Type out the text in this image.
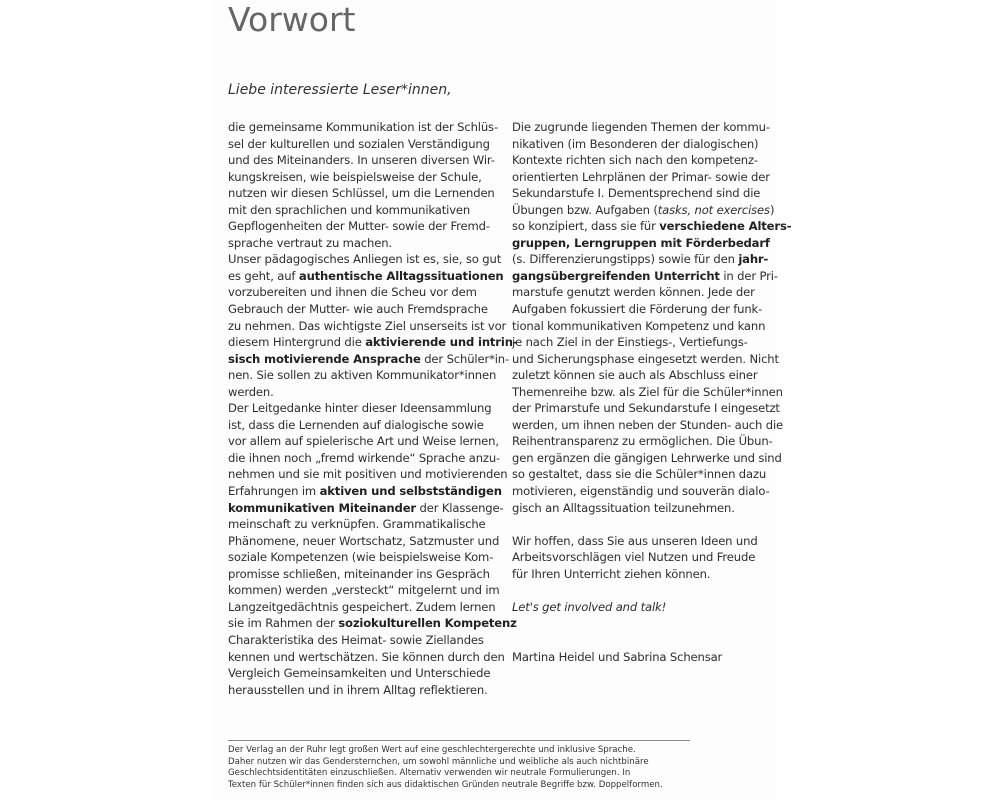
Vorwort
Liebe interessierte Leser*innen,
die gemeinsame Kommunikation ist der Schlüs-
sel der kulturellen und sozialen Verständigung
und des Miteinanders. In unseren diversen Wir-
kungskreisen, wie beispielsweise der Schule,
nutzen wir diesen Schlüssel, um die Lernenden
mit den sprachlichen und kommunikativen
Gepflogenheiten der Mutter- sowie der Fremd-
sprache vertraut zu machen.
Unser pädagogisches Anliegen ist es, sie, so gut
es geht, auf authentische Alltagssituationen
vorzubereiten und ihnen die Scheu vor dem
Gebrauch der Mutter- wie auch Fremdsprache
zu nehmen. Das wichtigste Ziel unserseits ist vor
diesem Hintergrund die aktivierende und intrin-
sisch motivierende Ansprache der Schüler*in-
nen. Sie sollen zu aktiven Kommunikator*innen
werden.
Der Leitgedanke hinter dieser Ideensammlung
ist, dass die Lernenden auf dialogische sowie
vor allem auf spielerische Art und Weise lernen,
die ihnen noch „fremd wirkende“ Sprache anzu-
nehmen und sie mit positiven und motivierenden
Erfahrungen im aktiven und selbstständigen
kommunikativen Miteinander der Klassenge-
meinschaft zu verknüpfen. Grammatikalische
Phänomene, neuer Wortschatz, Satzmuster und
soziale Kompetenzen (wie beispielsweise Kom-
promisse schließen, miteinander ins Gespräch
kommen) werden „versteckt“ mitgelernt und im
Langzeitgedächtnis gespeichert. Zudem lernen
sie im Rahmen der soziokulturellen Kompetenz
Charakteristika des Heimat- sowie Ziellandes
kennen und wertschätzen. Sie können durch den
Vergleich Gemeinsamkeiten und Unterschiede
herausstellen und in ihrem Alltag reflektieren.
Die zugrunde liegenden Themen der kommu-
nikativen (im Besonderen der dialogischen)
Kontexte richten sich nach den kompetenz-
orientierten Lehrplänen der Primar- sowie der
Sekundarstufe I. Dementsprechend sind die
Übungen bzw. Aufgaben (tasks, not exercises)
so konzipiert, dass sie für verschiedene Alters-
gruppen, Lerngruppen mit Förderbedarf
(s. Differenzierungstipps) sowie für den jahr-
gangsübergreifenden Unterricht in der Pri-
marstufe genutzt werden können. Jede der
Aufgaben fokussiert die Förderung der funk-
tional kommunikativen Kompetenz und kann
je nach Ziel in der Einstiegs-, Vertiefungs-
und Sicherungsphase eingesetzt werden. Nicht
zuletzt können sie auch als Abschluss einer
Themenreihe bzw. als Ziel für die Schüler*innen
der Primarstufe und Sekundarstufe I eingesetzt
werden, um ihnen neben der Stunden- auch die
Reihentransparenz zu ermöglichen. Die Übun-
gen ergänzen die gängigen Lehrwerke und sind
so gestaltet, dass sie die Schüler*innen dazu
motivieren, eigenständig und souverän dialo-
gisch an Alltagssituation teilzunehmen.
Wir hoffen, dass Sie aus unseren Ideen und
Arbeitsvorschlägen viel Nutzen und Freude
für Ihren Unterricht ziehen können.
Let's get involved and talk!
Martina Heidel und Sabrina Schensar
Der Verlag an der Ruhr legt großen Wert auf eine geschlechtergerechte und inklusive Sprache.
Daher nutzen wir das Gendersternchen, um sowohl männliche und weibliche als auch nichtbinäre
Geschlechtsidentitäten einzuschließen. Alternativ verwenden wir neutrale Formulierungen. In
Texten für Schüler*innen finden sich aus didaktischen Gründen neutrale Begriffe bzw. Doppelformen.
